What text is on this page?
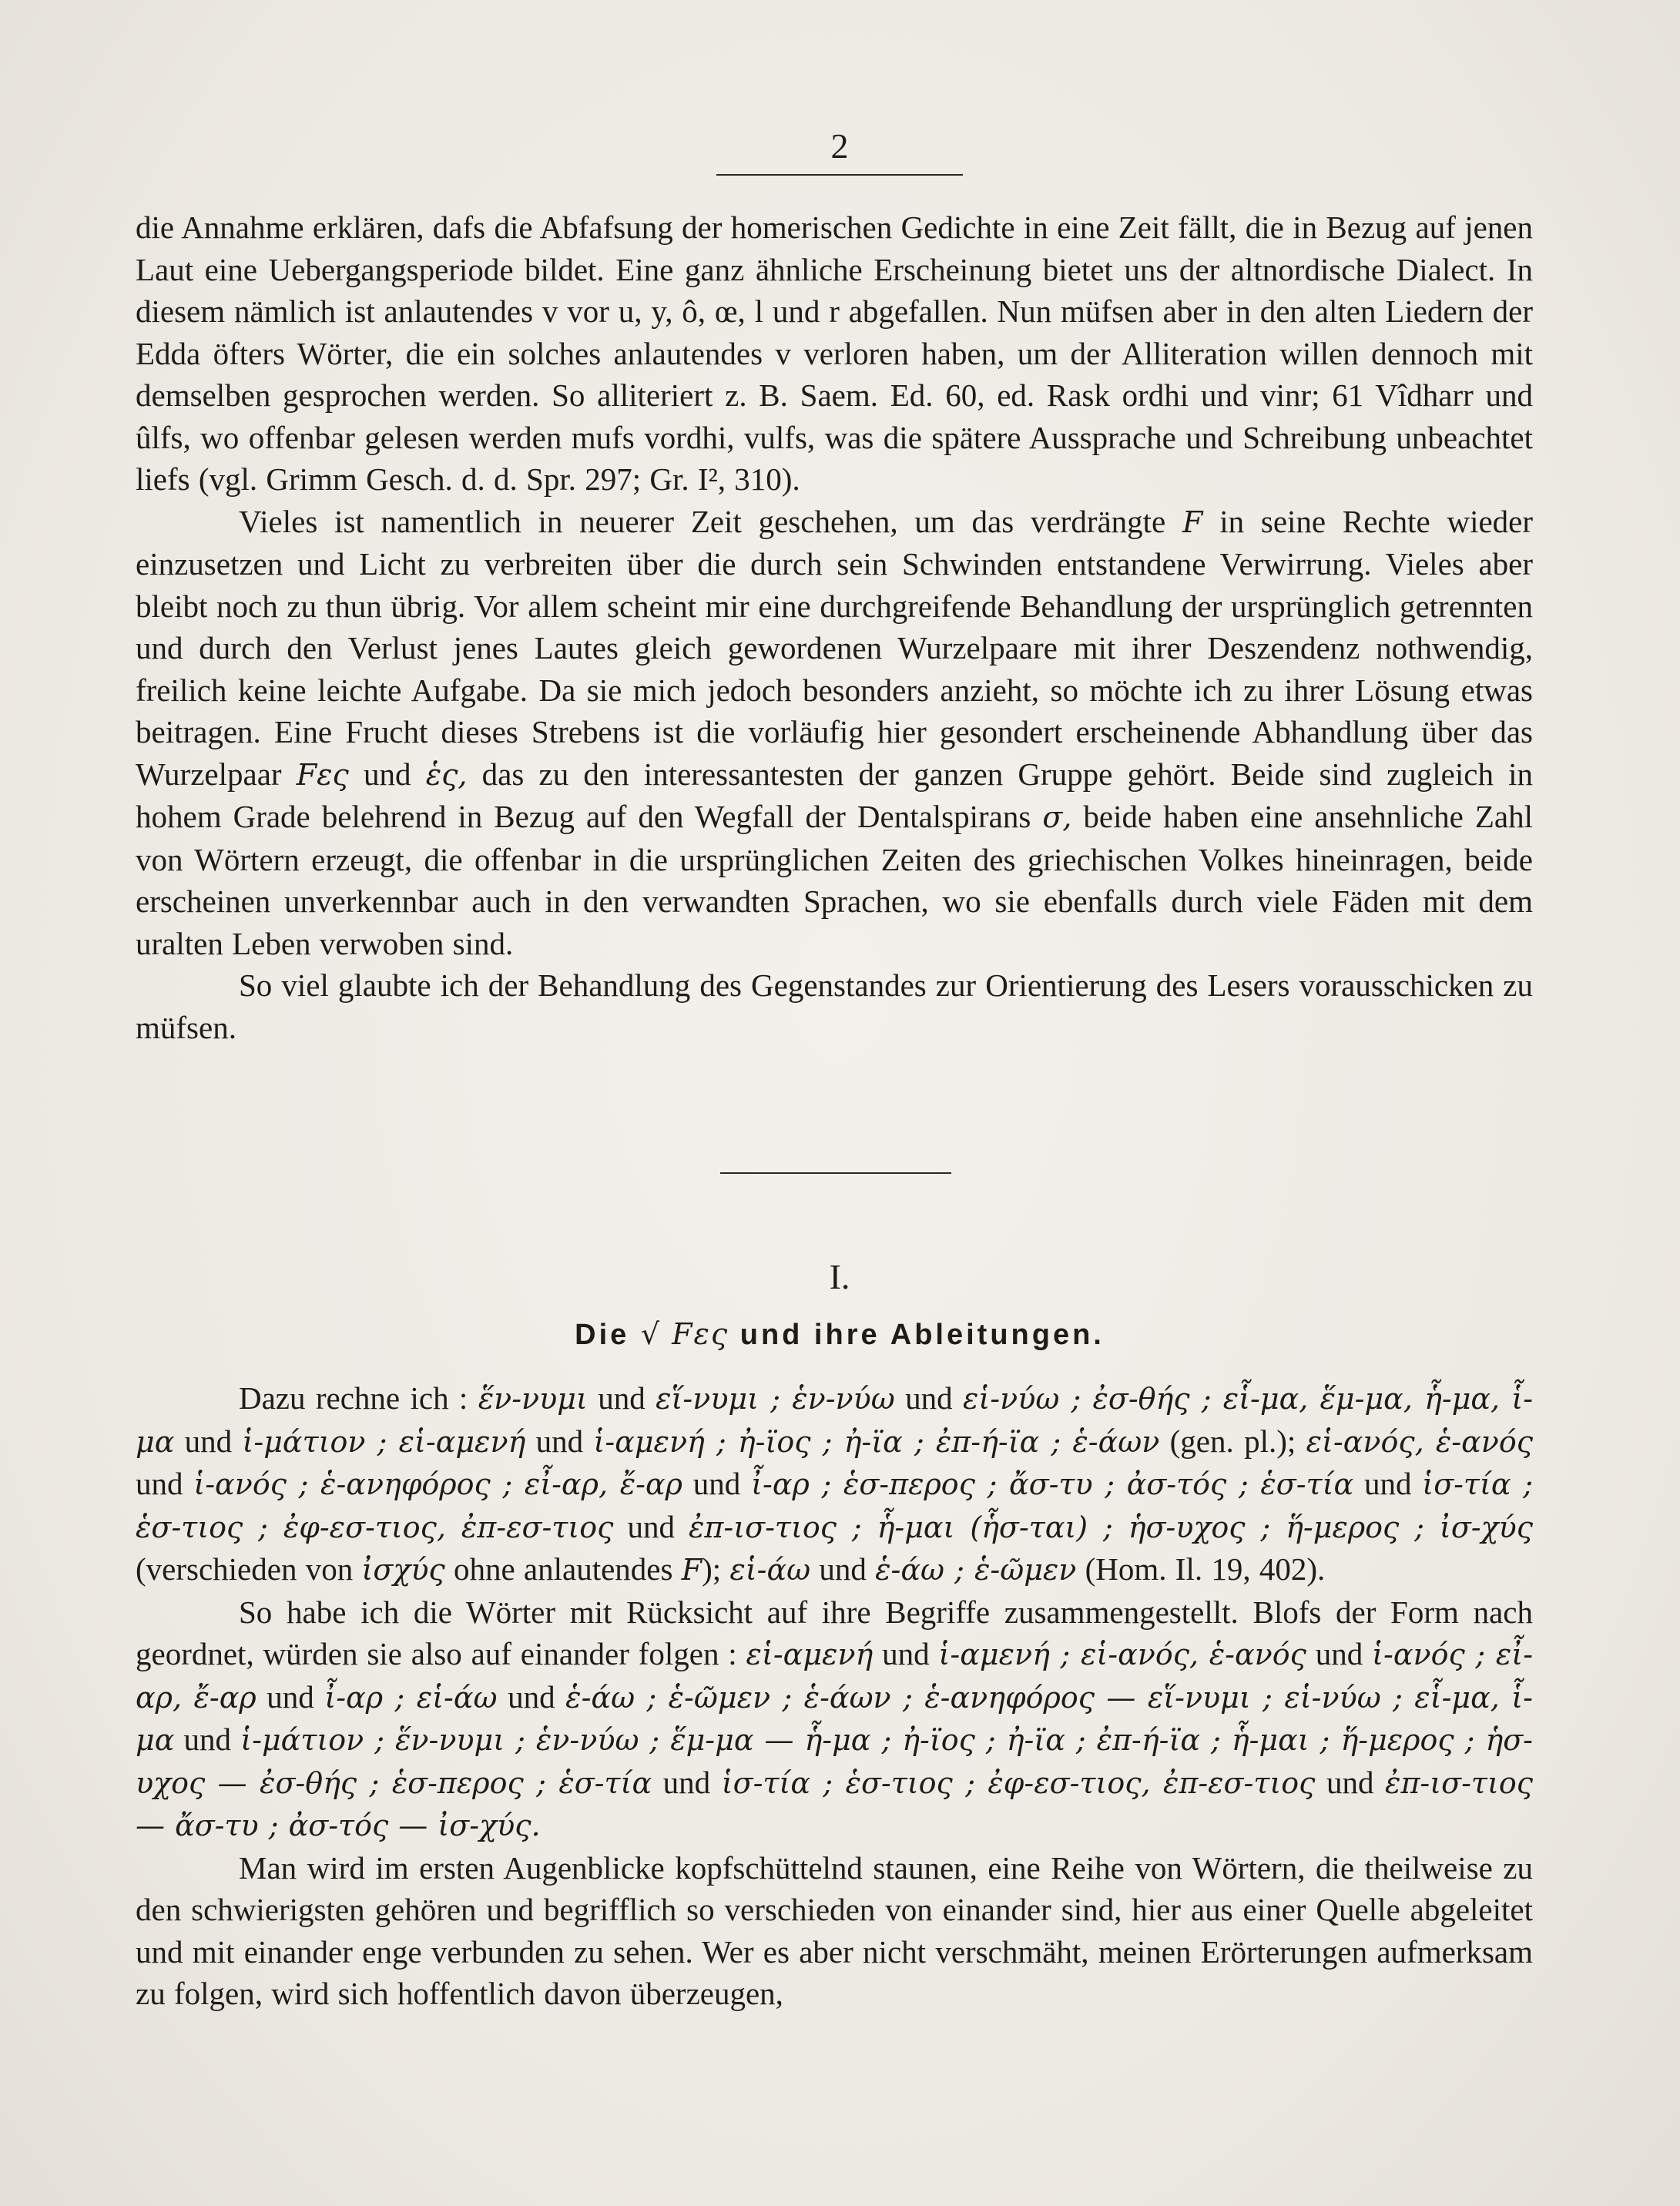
2

die Annahme erklären, dafs die Abfafsung der homerischen Gedichte in eine Zeit fällt, die in Bezug auf jenen Laut eine Uebergangsperiode bildet. Eine ganz ähnliche Erscheinung bietet uns der altnordische Dialect. In diesem nämlich ist anlautendes v vor u, y, ô, œ, l und r abgefallen. Nun müfsen aber in den alten Liedern der Edda öfters Wörter, die ein solches anlautendes v verloren haben, um der Alliteration willen dennoch mit demselben gesprochen werden. So alliteriert z. B. Saem. Ed. 60, ed. Rask ordhi und vinr; 61 Vîdharr und ûlfs, wo offenbar gelesen werden mufs vordhi, vulfs, was die spätere Aussprache und Schreibung unbeachtet liefs (vgl. Grimm Gesch. d. d. Spr. 297; Gr. I², 310).

Vieles ist namentlich in neuerer Zeit geschehen, um das verdrängte F in seine Rechte wieder einzusetzen und Licht zu verbreiten über die durch sein Schwinden entstandene Verwirrung. Vieles aber bleibt noch zu thun übrig. Vor allem scheint mir eine durchgreifende Behandlung der ursprünglich getrennten und durch den Verlust jenes Lautes gleich gewordenen Wurzelpaare mit ihrer Deszendenz nothwendig, freilich keine leichte Aufgabe. Da sie mich jedoch besonders anzieht, so möchte ich zu ihrer Lösung etwas beitragen. Eine Frucht dieses Strebens ist die vorläufig hier gesondert erscheinende Abhandlung über das Wurzelpaar Fες und ἑς, das zu den interessantesten der ganzen Gruppe gehört. Beide sind zugleich in hohem Grade belehrend in Bezug auf den Wegfall der Dentalspirans σ, beide haben eine ansehnliche Zahl von Wörtern erzeugt, die offenbar in die ursprünglichen Zeiten des griechischen Volkes hineinragen, beide erscheinen unverkennbar auch in den verwandten Sprachen, wo sie ebenfalls durch viele Fäden mit dem uralten Leben verwoben sind.

So viel glaubte ich der Behandlung des Gegenstandes zur Orientierung des Lesers vorausschicken zu müfsen.

I.
Die √ Fες und ihre Ableitungen.

Dazu rechne ich : ἕν-νυμι und εἵ-νυμι ; ἑν-νύω und εἱ-νύω ; ἐσ-θής ; εἷ-μα, ἕμ-μα, ἧ-μα, ἷ-μα und ἱ-μάτιον ; εἱ-αμενή und ἱ-αμενή ; ἠ-ϊος ; ἠ-ϊα ; ἐπ-ή-ϊα ; ἑ-άων (gen. pl.); εἱ-ανός, ἑ-ανός und ἱ-ανός ; ἑ-ανηφόρος ; εἶ-αρ, ἔ-αρ und ἶ-αρ ; ἑσ-περος ; ἄσ-τυ ; ἀσ-τός ; ἑσ-τία und ἱσ-τία ; ἑσ-τιος ; ἐφ-εσ-τιος, ἐπ-εσ-τιος und ἐπ-ισ-τιος ; ἧ-μαι (ἧσ-ται) ; ἡσ-υχος ; ἥ-μερος ; ἰσ-χύς (verschieden von ἰσχύς ohne anlautendes F); εἱ-άω und ἑ-άω ; ἑ-ῶμεν (Hom. Il. 19, 402).

So habe ich die Wörter mit Rücksicht auf ihre Begriffe zusammengestellt. Blofs der Form nach geordnet, würden sie also auf einander folgen : εἱ-αμενή und ἱ-αμενή ; εἱ-ανός, ἑ-ανός und ἱ-ανός ; εἶ-αρ, ἔ-αρ und ἶ-αρ ; εἱ-άω und ἑ-άω ; ἑ-ῶμεν ; ἑ-άων ; ἑ-ανηφόρος — εἵ-νυμι ; εἱ-νύω ; εἷ-μα, ἷ-μα und ἱ-μάτιον ; ἕν-νυμι ; ἑν-νύω ; ἕμ-μα — ἧ-μα ; ἠ-ϊος ; ἠ-ϊα ; ἐπ-ή-ϊα ; ἧ-μαι ; ἥ-μερος ; ἡσ-υχος — ἐσ-θής ; ἑσ-περος ; ἑσ-τία und ἱσ-τία ; ἑσ-τιος ; ἐφ-εσ-τιος, ἐπ-εσ-τιος und ἐπ-ισ-τιος — ἄσ-τυ ; ἀσ-τός — ἰσ-χύς.

Man wird im ersten Augenblicke kopfschüttelnd staunen, eine Reihe von Wörtern, die theilweise zu den schwierigsten gehören und begrifflich so verschieden von einander sind, hier aus einer Quelle abgeleitet und mit einander enge verbunden zu sehen. Wer es aber nicht verschmäht, meinen Erörterungen aufmerksam zu folgen, wird sich hoffentlich davon überzeugen,
